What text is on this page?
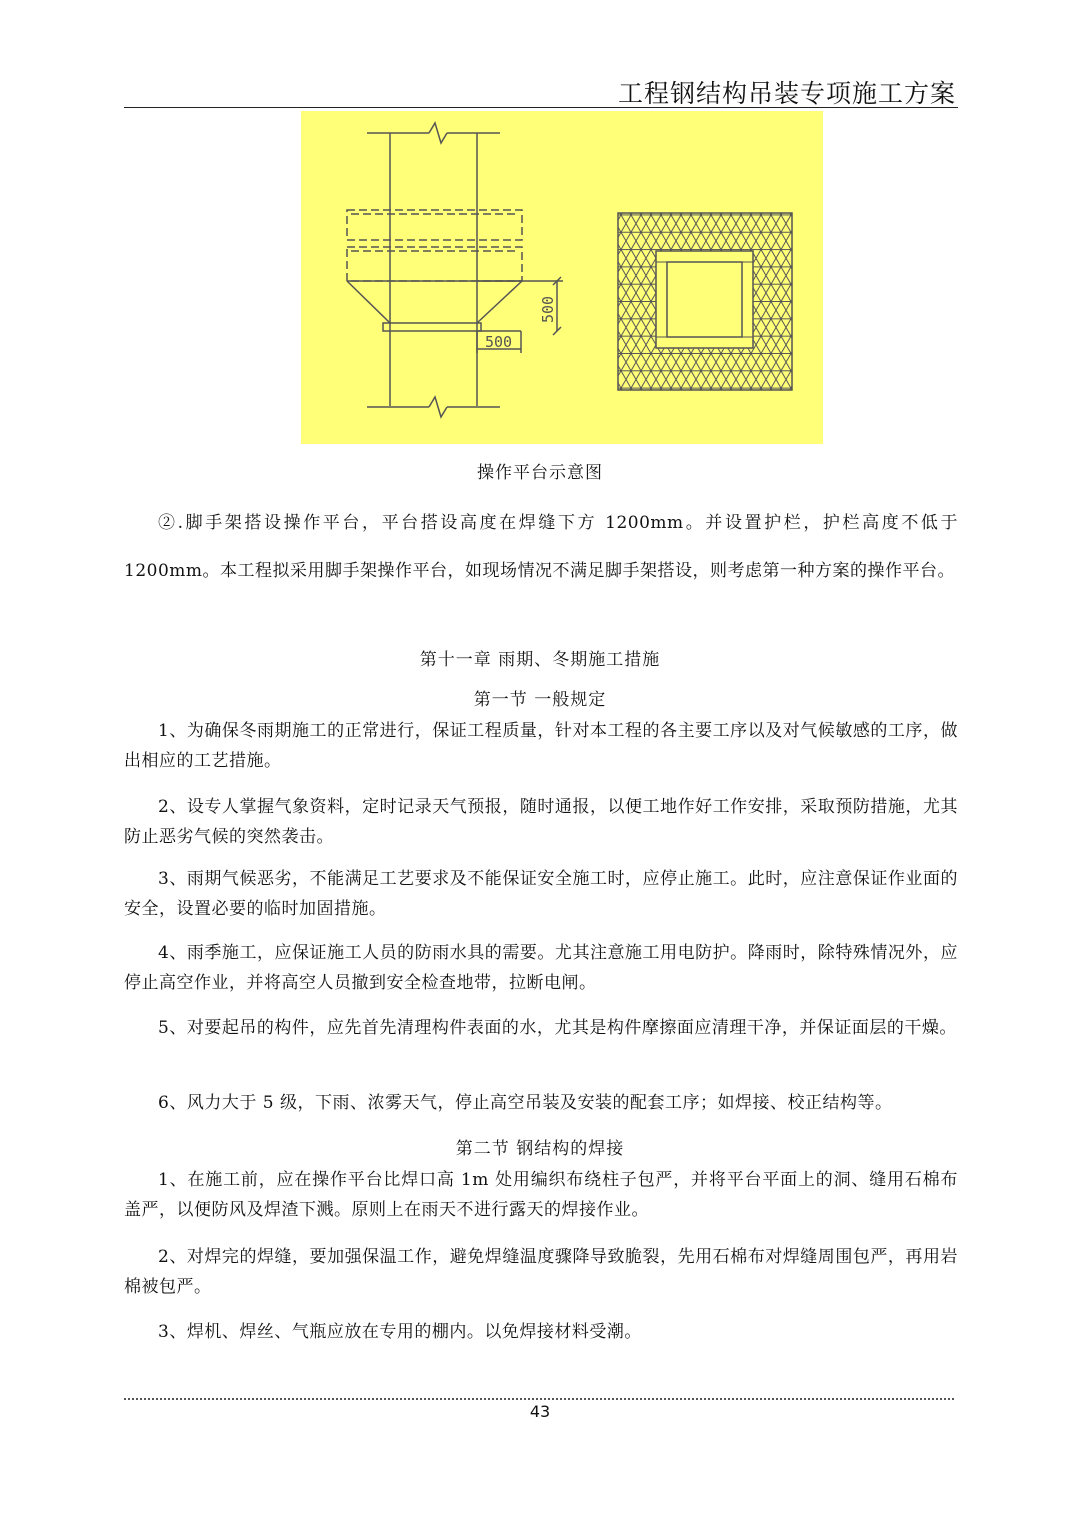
工程钢结构吊装专项施工方案
500
500
操作平台示意图

②.脚手架搭设操作平台，平台搭设高度在焊缝下方 1200mm。并设置护栏，护栏高度不低于 1200mm。本工程拟采用脚手架操作平台，如现场情况不满足脚手架搭设，则考虑第一种方案的操作平台。

第十一章 雨期、冬期施工措施
第一节 一般规定

1、为确保冬雨期施工的正常进行，保证工程质量，针对本工程的各主要工序以及对气候敏感的工序，做出相应的工艺措施。

2、设专人掌握气象资料，定时记录天气预报，随时通报，以便工地作好工作安排，采取预防措施，尤其防止恶劣气候的突然袭击。

3、雨期气候恶劣，不能满足工艺要求及不能保证安全施工时，应停止施工。此时，应注意保证作业面的安全，设置必要的临时加固措施。

4、雨季施工，应保证施工人员的防雨水具的需要。尤其注意施工用电防护。降雨时，除特殊情况外，应停止高空作业，并将高空人员撤到安全检查地带，拉断电闸。

5、对要起吊的构件，应先首先清理构件表面的水，尤其是构件摩擦面应清理干净，并保证面层的干燥。

6、风力大于 5 级，下雨、浓雾天气，停止高空吊装及安装的配套工序；如焊接、校正结构等。

第二节 钢结构的焊接

1、在施工前，应在操作平台比焊口高 1m 处用编织布绕柱子包严，并将平台平面上的洞、缝用石棉布盖严，以便防风及焊渣下溅。原则上在雨天不进行露天的焊接作业。

2、对焊完的焊缝，要加强保温工作，避免焊缝温度骤降导致脆裂，先用石棉布对焊缝周围包严，再用岩棉被包严。

3、焊机、焊丝、气瓶应放在专用的棚内。以免焊接材料受潮。

43
